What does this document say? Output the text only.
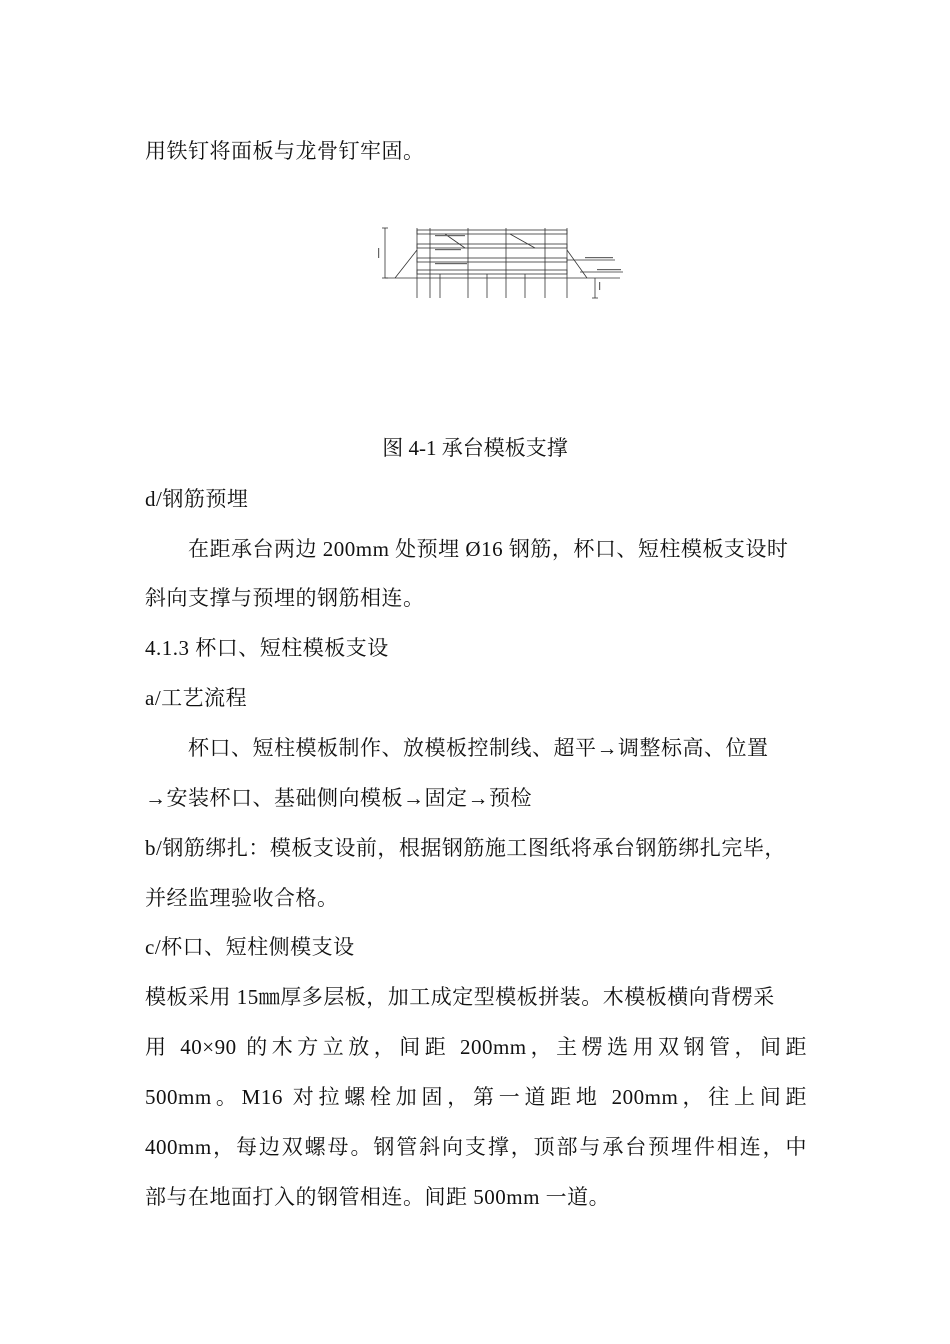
用铁钉将面板与龙骨钉牢固。
图 4-1 承台模板支撑
d/钢筋预埋
在距承台两边 200mm 处预埋 Ø16 钢筋，杯口、短柱模板支设时
斜向支撑与预埋的钢筋相连。
4.1.3 杯口、短柱模板支设
a/工艺流程
杯口、短柱模板制作、放模板控制线、超平→调整标高、位置
→安装杯口、基础侧向模板→固定→预检
b/钢筋绑扎：模板支设前，根据钢筋施工图纸将承台钢筋绑扎完毕，
并经监理验收合格。
c/杯口、短柱侧模支设
模板采用 15㎜厚多层板，加工成定型模板拼装。木模板横向背楞采
用 40×90 的木方立放，间距 200mm，主楞选用双钢管，间距
500mm。M16 对拉螺栓加固，第一道距地 200mm，往上间距
400mm，每边双螺母。钢管斜向支撑，顶部与承台预埋件相连，中
部与在地面打入的钢管相连。间距 500mm 一道。
